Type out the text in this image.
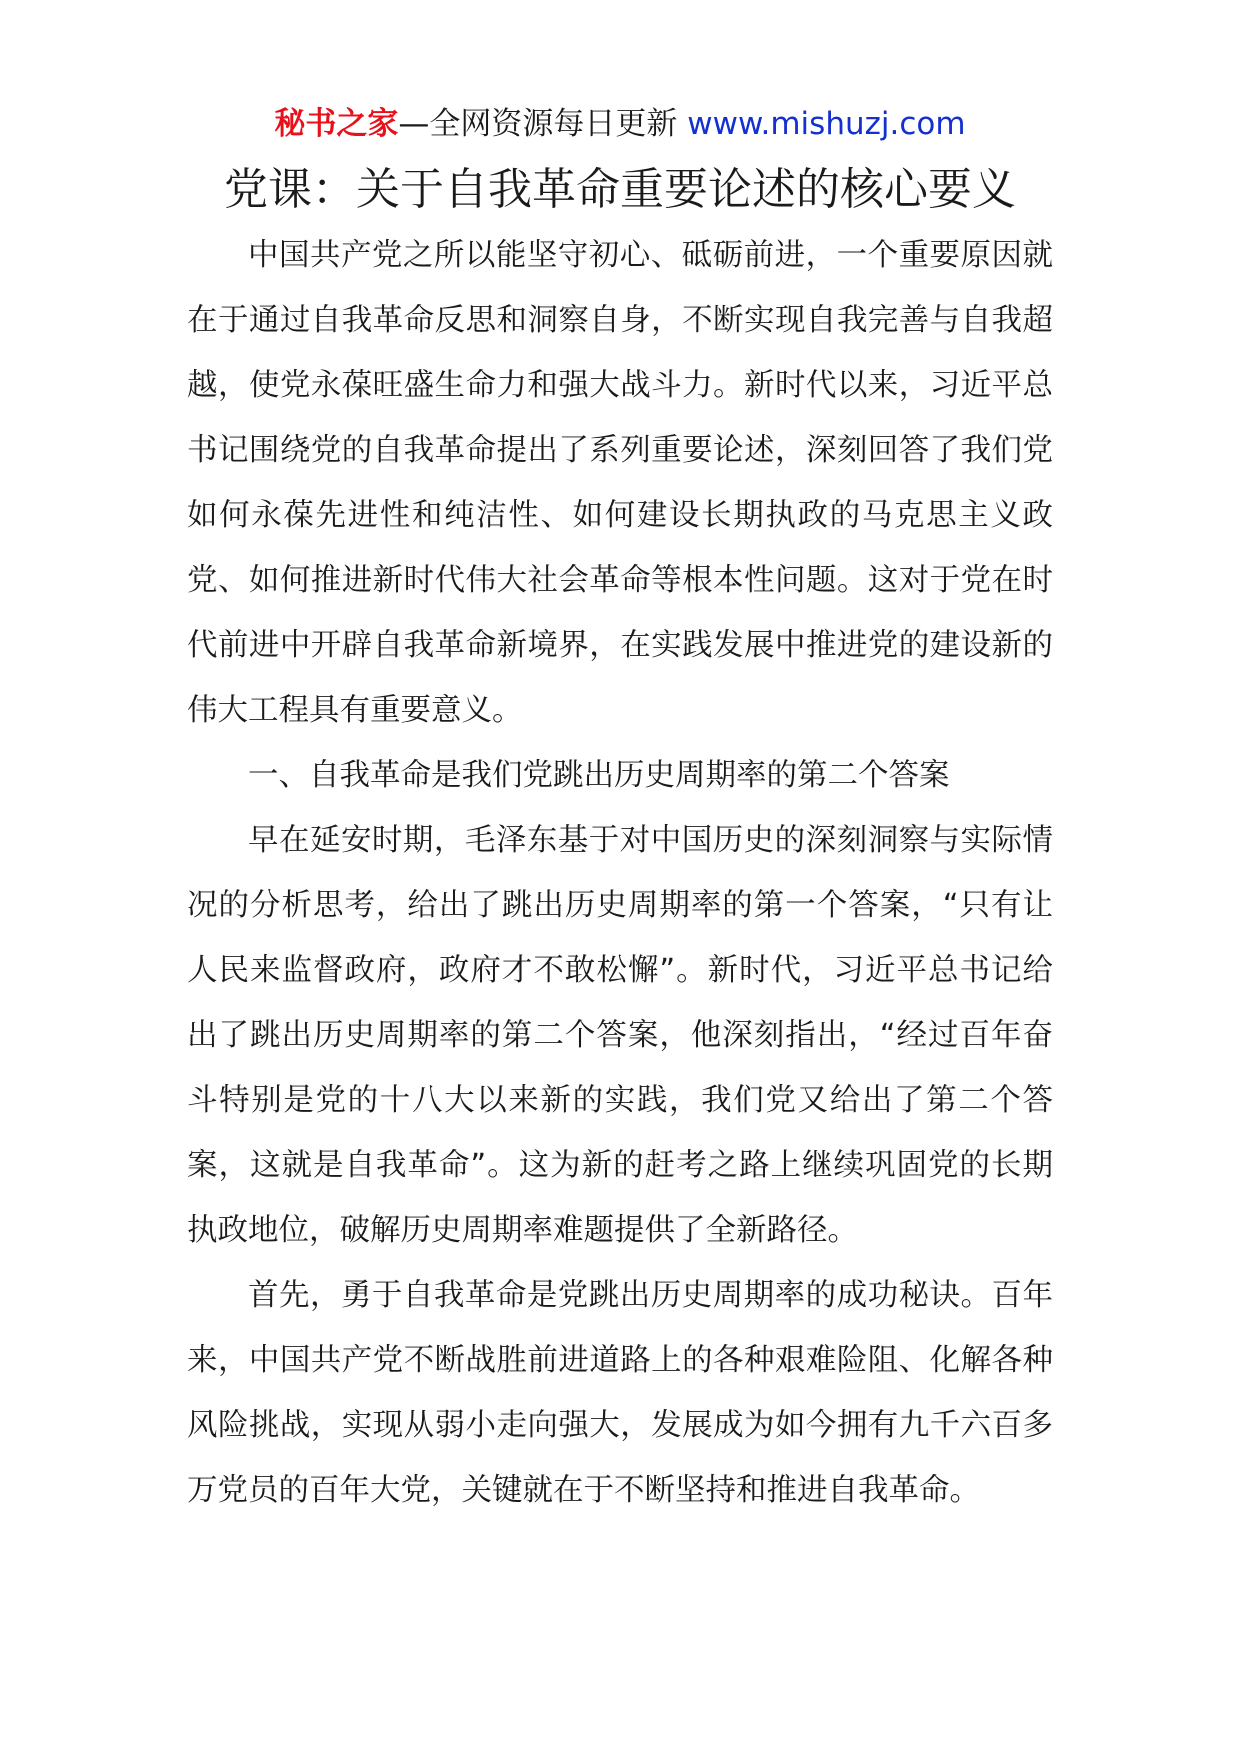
秘书之家—全网资源每日更新 www.mishuzj.com
党课：关于自我革命重要论述的核心要义

中国共产党之所以能坚守初心、砥砺前进，一个重要原因就在于通过自我革命反思和洞察自身，不断实现自我完善与自我超越，使党永葆旺盛生命力和强大战斗力。新时代以来，习近平总书记围绕党的自我革命提出了系列重要论述，深刻回答了我们党如何永葆先进性和纯洁性、如何建设长期执政的马克思主义政党、如何推进新时代伟大社会革命等根本性问题。这对于党在时代前进中开辟自我革命新境界，在实践发展中推进党的建设新的伟大工程具有重要意义。

一、自我革命是我们党跳出历史周期率的第二个答案

早在延安时期，毛泽东基于对中国历史的深刻洞察与实际情况的分析思考，给出了跳出历史周期率的第一个答案，“只有让人民来监督政府，政府才不敢松懈”。新时代，习近平总书记给出了跳出历史周期率的第二个答案，他深刻指出，“经过百年奋斗特别是党的十八大以来新的实践，我们党又给出了第二个答案，这就是自我革命”。这为新的赶考之路上继续巩固党的长期执政地位，破解历史周期率难题提供了全新路径。

首先，勇于自我革命是党跳出历史周期率的成功秘诀。百年来，中国共产党不断战胜前进道路上的各种艰难险阻、化解各种风险挑战，实现从弱小走向强大，发展成为如今拥有九千六百多万党员的百年大党，关键就在于不断坚持和推进自我革命。
